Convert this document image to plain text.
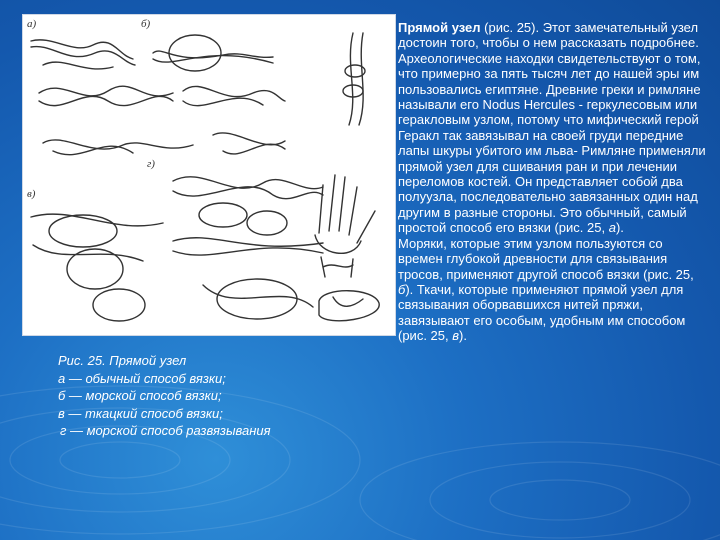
а)	б)
в)
г)
Рис. 25. Прямой узел
а — обычный способ вязки;
б — морской способ вязки;
в — ткацкий способ вязки;
г — морской способ развязывания
Прямой узел (рис. 25). Этот замечательный узел достоин того, чтобы о нем рассказать подробнее. Археологические находки свидетельствуют о том, что примерно за пять тысяч лет до нашей эры им пользовались египтяне. Древние греки и римляне называли его Nodus Hercules - геркулесовым или геракловым узлом, потому что мифический герой Геракл так завязывал на своей груди передние лапы шкуры убитого им льва- Римляне применяли прямой узел для сшивания ран и при лечении переломов костей. Он представляет собой два полуузла, последовательно завязанных один над другим в разные стороны. Это обычный, самый простой способ его вязки (рис. 25, а).
Моряки, которые этим узлом пользуются со времен глубокой древности для связывания тросов, применяют другой способ вязки (рис. 25, б). Ткачи, которые применяют прямой узел для связывания оборвавшихся нитей пряжи, завязывают его особым, удобным им способом (рис. 25, в).
